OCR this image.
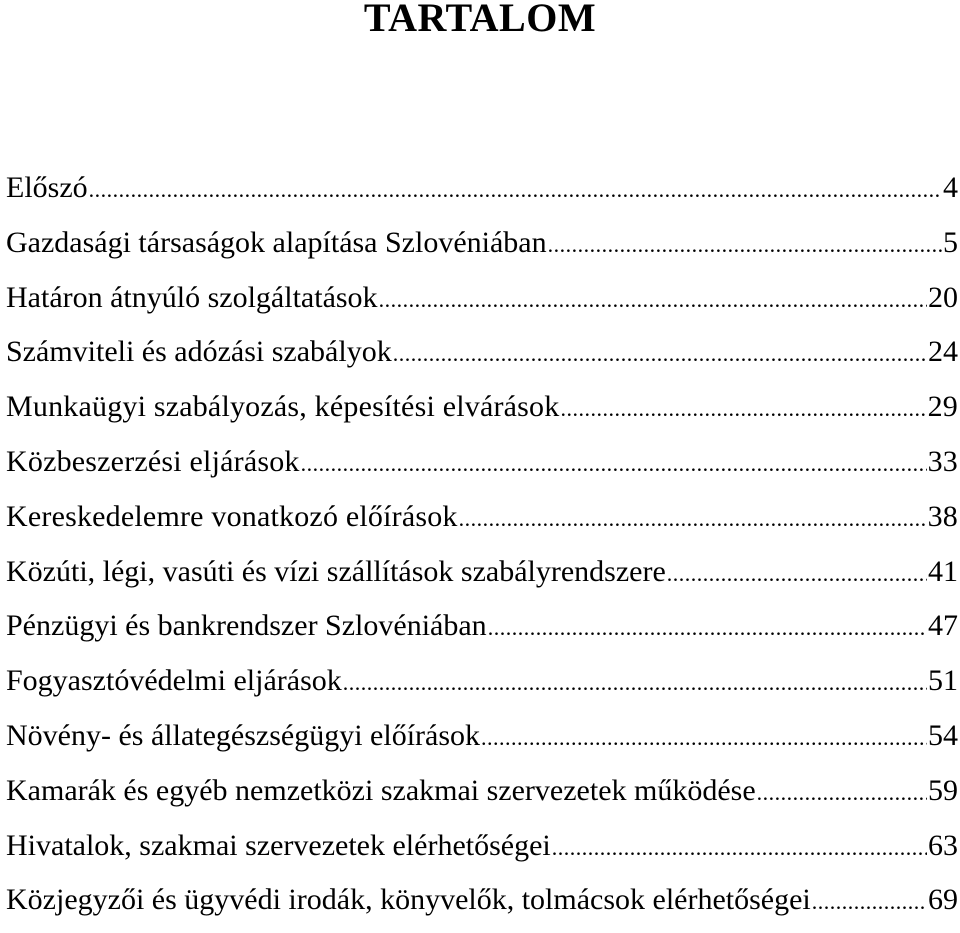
TARTALOM
Előszó .....	4
Gazdasági társaságok alapítása Szlovéniában .....	5
Határon átnyúló szolgáltatások .....	20
Számviteli és adózási szabályok .....	24
Munkaügyi szabályozás, képesítési elvárások .....	29
Közbeszerzési eljárások .....	33
Kereskedelemre vonatkozó előírások .....	38
Közúti, légi, vasúti és vízi szállítások szabályrendszere .....	41
Pénzügyi és bankrendszer Szlovéniában .....	47
Fogyasztóvédelmi eljárások .....	51
Növény- és állategészségügyi előírások .....	54
Kamarák és egyéb nemzetközi szakmai szervezetek működése .....	59
Hivatalok, szakmai szervezetek elérhetőségei .....	63
Közjegyzői és ügyvédi irodák, könyvelők, tolmácsok elérhetőségei .....	69
